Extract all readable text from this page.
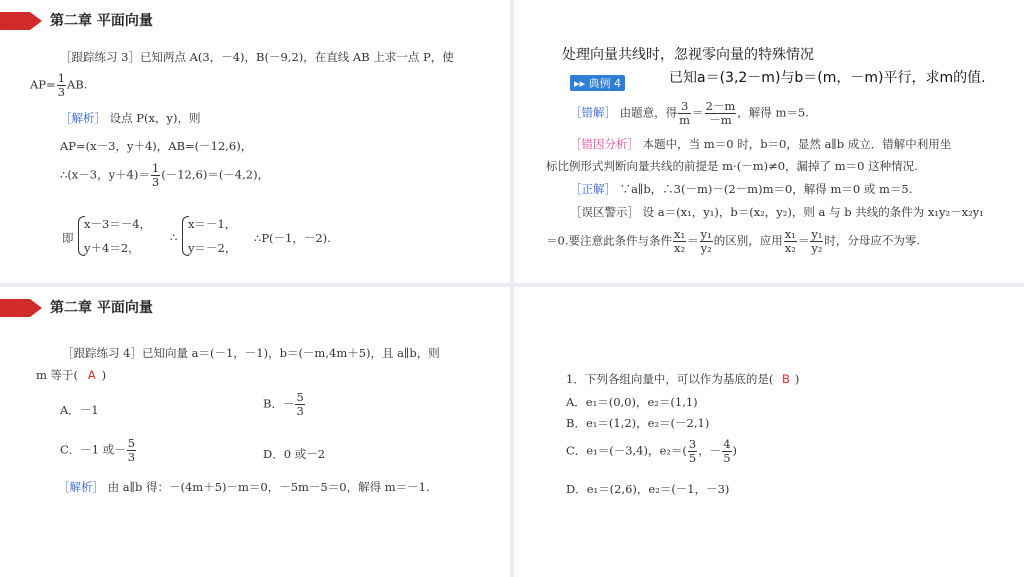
第二章 平面向量
［跟踪练习 3］已知两点 A(3，－4)，B(－9,2)，在直线 AB 上求一点 P，使
$AP= \frac{1}{3}$ AB.
［解析］ 设点 P(x，y)，则
AP=(x－3，y＋4)，AB=(－12,6)，
∴(x－3，$y+4)= \frac{1}{3} (-12,6)=(-4,2)$，
即
x－3＝－4，
y＋4＝2，
∴
x＝－1，
y＝－2，
∴P(－1，－2).
处理向量共线时，忽视零向量的特殊情况
▸▸ 典例 4	已知a＝(3,2－m)与b＝(m，－m)平行，求m的值.
［错解］ 由题意，得 $\frac{3}{m} = \frac{2-m}{-m}$ ，解得 m＝5.
［错因分析］ 本题中，当 m＝0 时，b＝0，显然 a∥b 成立．错解中利用坐
标比例形式判断向量共线的前提是 m·(－m)≠0，漏掉了 m＝0 这种情况.
［正解］ ∵a∥b，∴3(－m)－(2－m)m＝0，解得 m＝0 或 m＝5.
［误区警示］ 设 a＝(x₁，y₁)，b＝(x₂，y₂)，则 a 与 b 共线的条件为 x₁y₂－x₂y₁
＝0.要注意此条件与条件 $\frac{\text{x₁}}{\text{x₂}} = \frac{\text{y₁}}{\text{y₂}}$ 的区别，应用 $\frac{\text{x₁}}{\text{x₂}} = \frac{\text{y₁}}{\text{y₂}}$ 时，分母应不为零.
第二章 平面向量
［跟踪练习 4］已知向量 a＝(－1，－1)，b＝(－m,4m＋5)，且 a∥b，则
m 等于( A )
A．－1	B．－ $\frac{5}{3}$
C．－1 或－ $\frac{5}{3}$	D．0 或－2
［解析］ 由 a∥b 得：－(4m＋5)－m＝0，－5m－5＝0，解得 m＝－1.
1．下列各组向量中，可以作为基底的是( B )
A．e₁＝(0,0)，e₂＝(1,1)
B．e₁＝(1,2)，e₂＝(－2,1)
C．e₁＝(－3,4)，$e_2=( \frac{3}{5}$ ，－ $\frac{4}{5}$ )
D．e₁＝(2,6)，e₂＝(－1，－3)
